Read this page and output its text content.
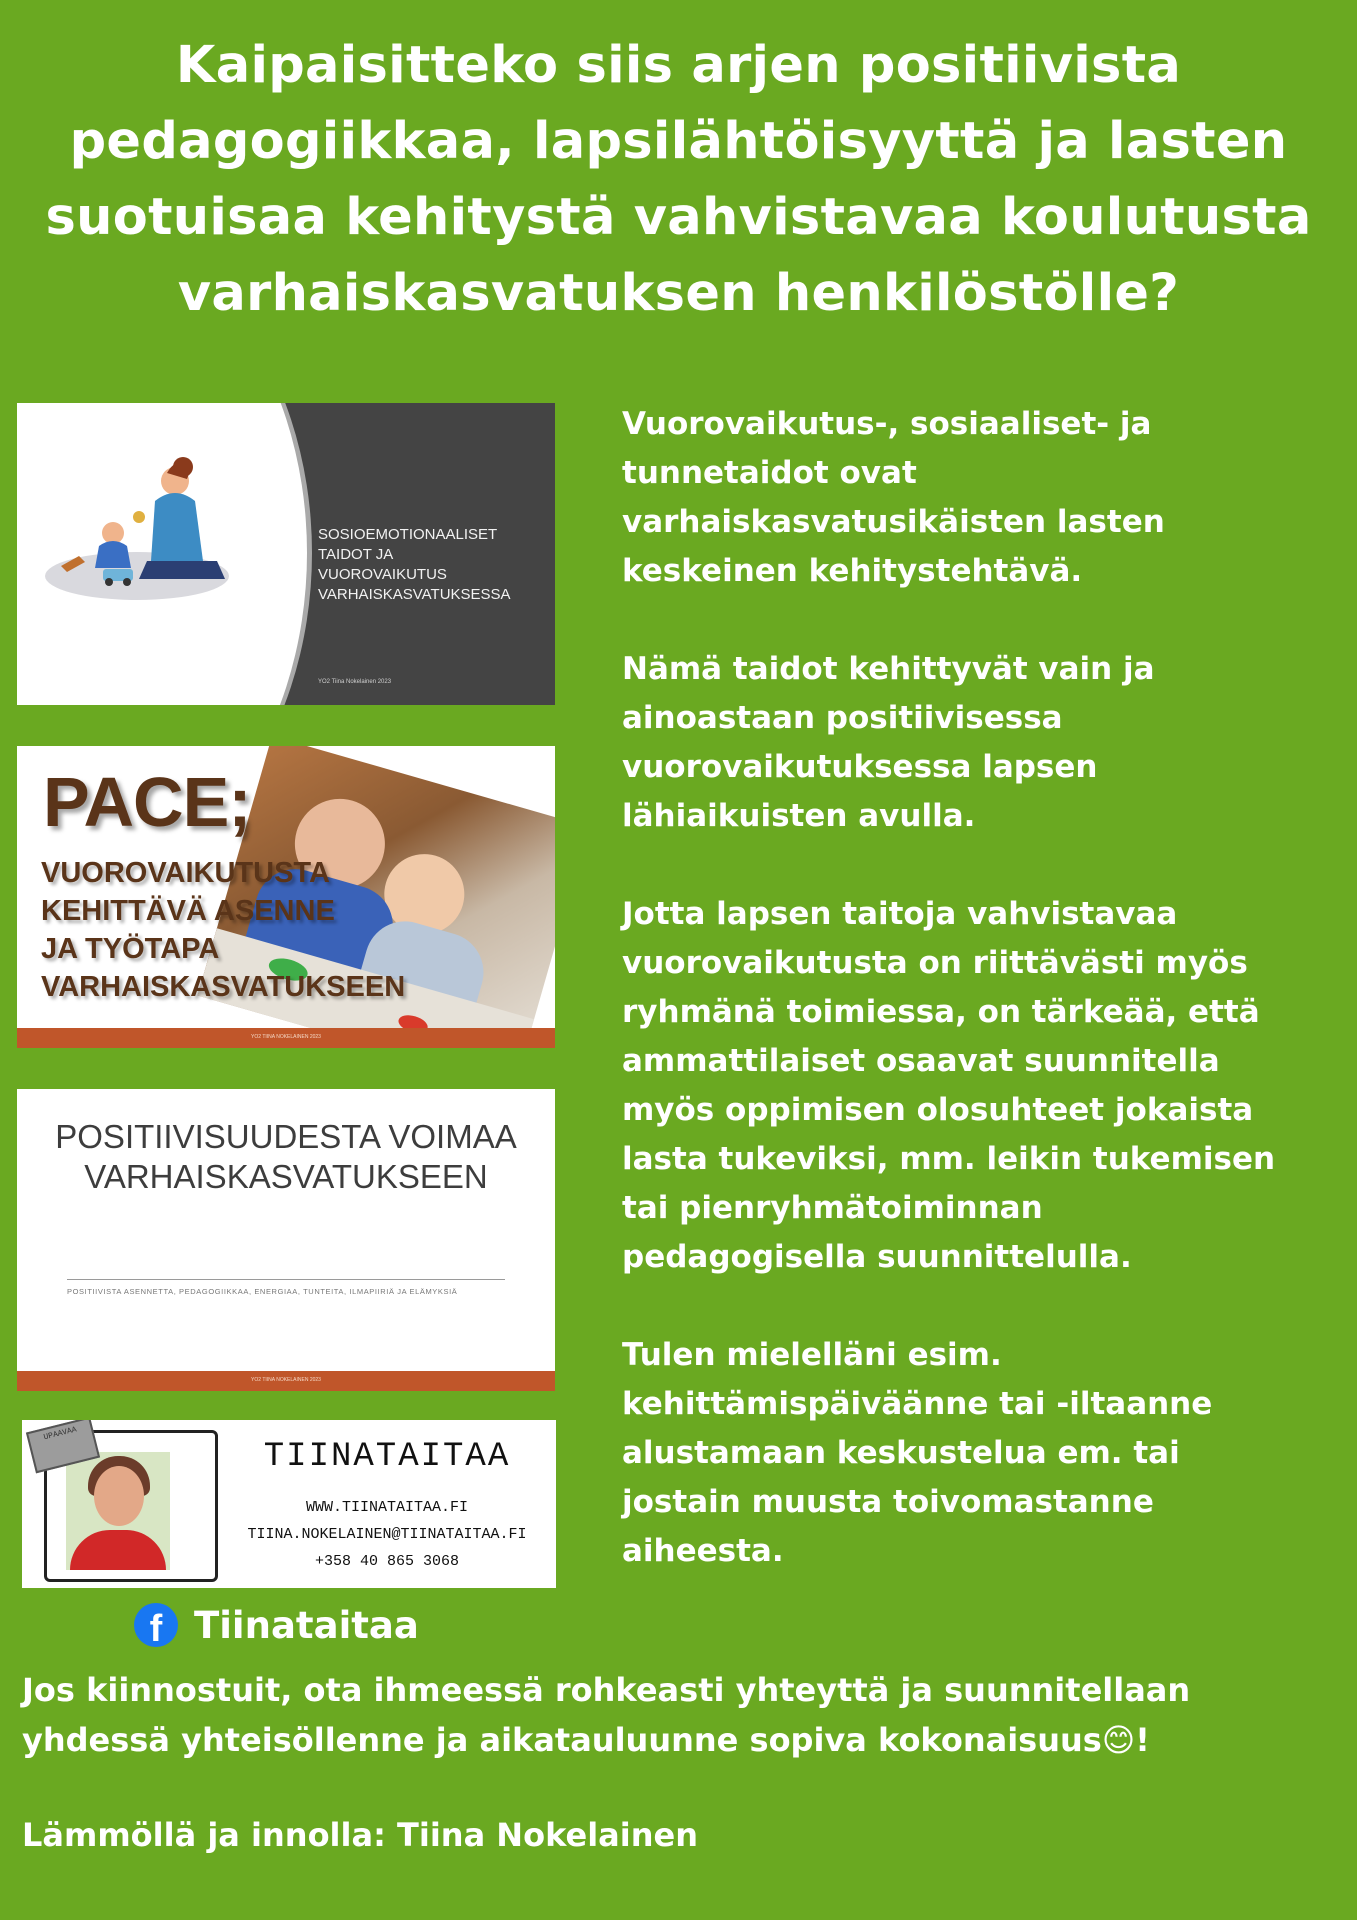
Kaipaisitteko siis arjen positiivista
pedagogiikkaa, lapsilähtöisyyttä ja lasten
suotuisaa kehitystä vahvistavaa koulutusta
varhaiskasvatuksen henkilöstölle?
SOSIOEMOTIONAALISET
TAIDOT JA
VUOROVAIKUTUS
VARHAISKASVATUKSESSA
YO2 Tiina Nokelainen 2023
PACE;
VUOROVAIKUTUSTA
KEHITTÄVÄ ASENNE
JA TYÖTAPA
VARHAISKASVATUKSEEN
YO2 TIINA NOKELAINEN 2023
POSITIIVISUUDESTA VOIMAA
VARHAISKASVATUKSEEN
POSITIIVISTA ASENNETTA, PEDAGOGIIKKAA, ENERGIAA, TUNTEITA, ILMAPIIRIÄ JA ELÄMYKSIÄ
YO2 TIINA NOKELAINEN 2023
UPAAVAA
TIINATAITAA
WWW.TIINATAITAA.FI
TIINA.NOKELAINEN@TIINATAITAA.FI
+358 40 865 3068
f Tiinataitaa

Vuorovaikutus-, sosiaaliset- ja
tunnetaidot ovat
varhaiskasvatusikäisten lasten
keskeinen kehitystehtävä.

Nämä taidot kehittyvät vain ja
ainoastaan positiivisessa
vuorovaikutuksessa lapsen
lähiaikuisten avulla.

Jotta lapsen taitoja vahvistavaa
vuorovaikutusta on riittävästi myös
ryhmänä toimiessa, on tärkeää, että
ammattilaiset osaavat suunnitella
myös oppimisen olosuhteet jokaista
lasta tukeviksi, mm. leikin tukemisen
tai pienryhmätoiminnan
pedagogisella suunnittelulla.

Tulen mielelläni esim.
kehittämispäiväänne tai -iltaanne
alustamaan keskustelua em. tai
jostain muusta toivomastanne
aiheesta.

Jos kiinnostuit, ota ihmeessä rohkeasti yhteyttä ja suunnitellaan
yhdessä yhteisöllenne ja aikatauluunne sopiva kokonaisuus😊!
Lämmöllä ja innolla: Tiina Nokelainen
